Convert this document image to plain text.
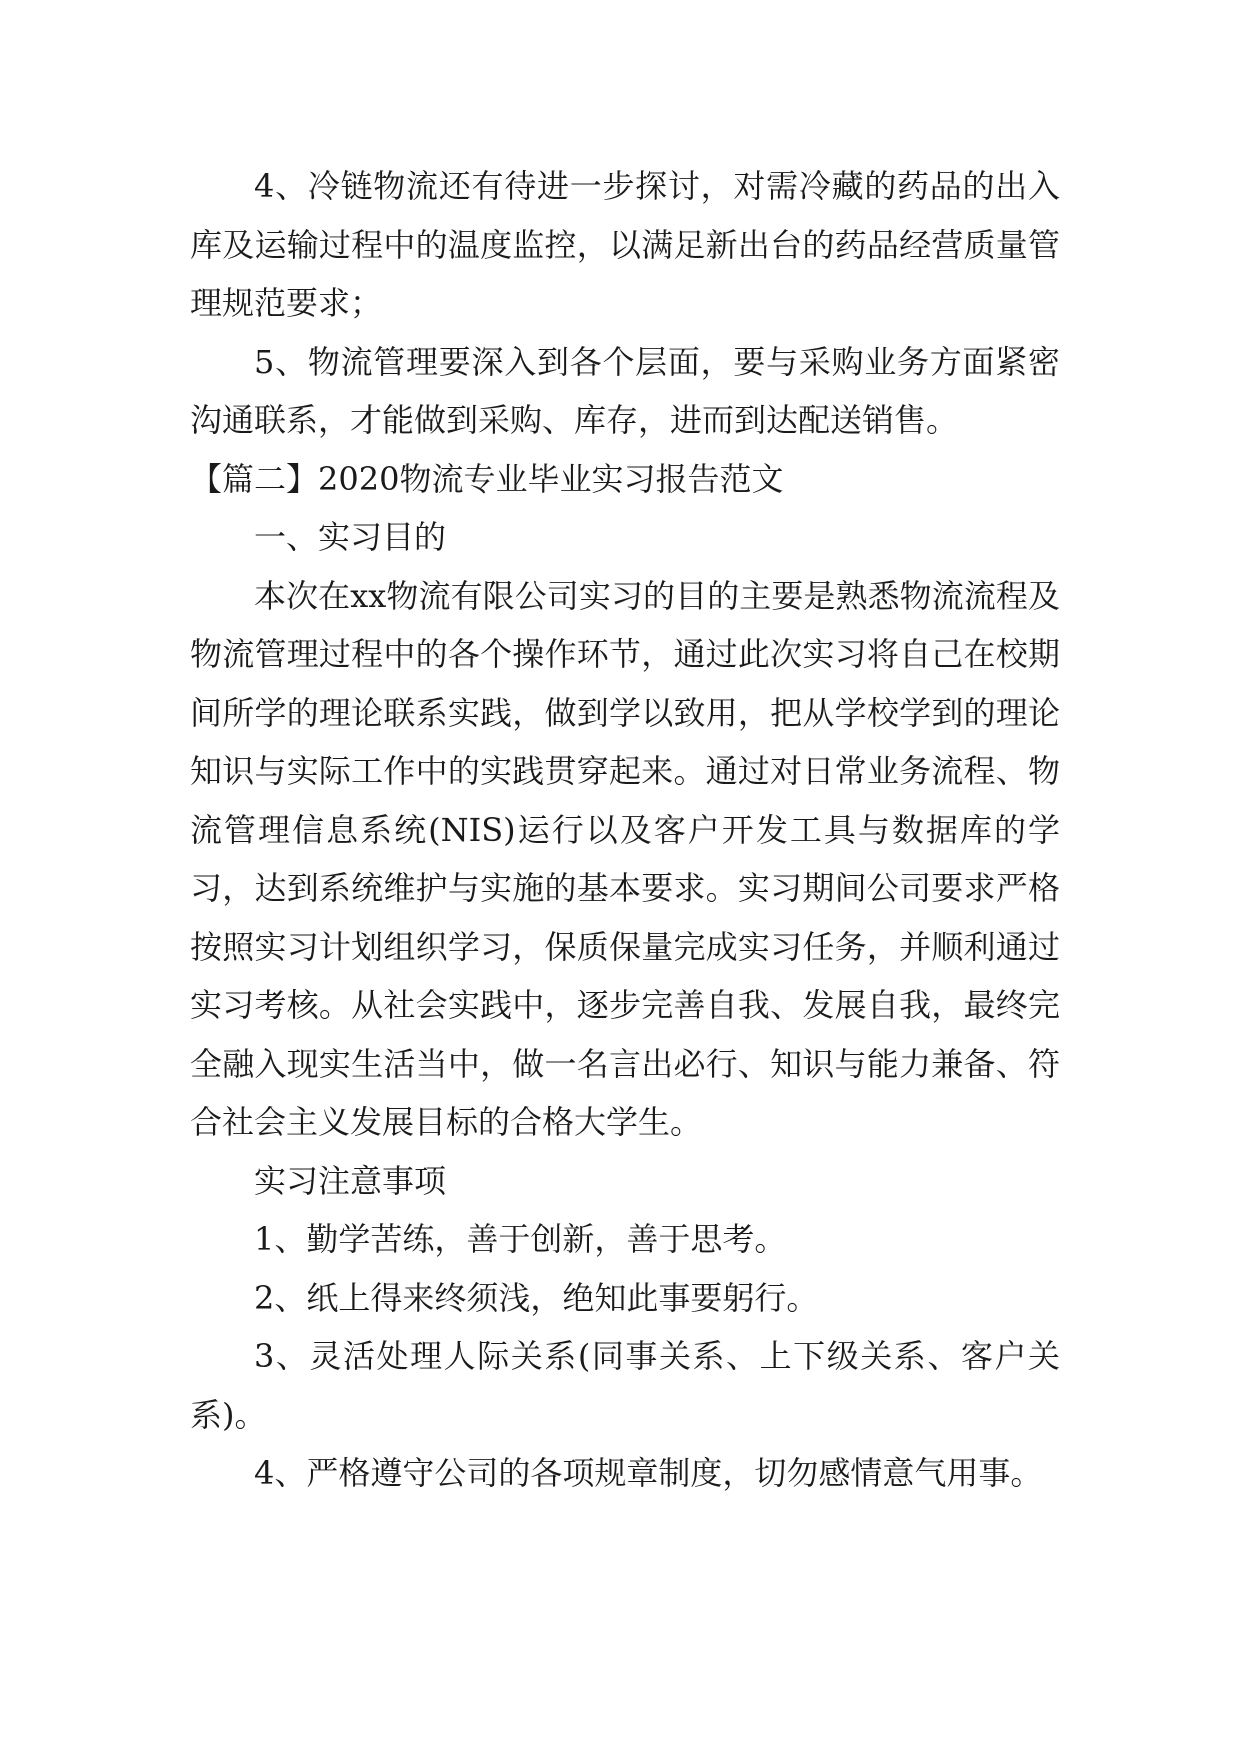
4、冷链物流还有待进一步探讨，对需冷藏的药品的出入库及运输过程中的温度监控，以满足新出台的药品经营质量管理规范要求；

5、物流管理要深入到各个层面，要与采购业务方面紧密沟通联系，才能做到采购、库存，进而到达配送销售。

【篇二】2020物流专业毕业实习报告范文

一、实习目的

本次在xx物流有限公司实习的目的主要是熟悉物流流程及物流管理过程中的各个操作环节，通过此次实习将自己在校期间所学的理论联系实践，做到学以致用，把从学校学到的理论知识与实际工作中的实践贯穿起来。通过对日常业务流程、物流管理信息系统(NIS)运行以及客户开发工具与数据库的学习，达到系统维护与实施的基本要求。实习期间公司要求严格按照实习计划组织学习，保质保量完成实习任务，并顺利通过实习考核。从社会实践中，逐步完善自我、发展自我，最终完全融入现实生活当中，做一名言出必行、知识与能力兼备、符合社会主义发展目标的合格大学生。

实习注意事项

1、勤学苦练，善于创新，善于思考。

2、纸上得来终须浅，绝知此事要躬行。

3、灵活处理人际关系(同事关系、上下级关系、客户关系)。

4、严格遵守公司的各项规章制度，切勿感情意气用事。
